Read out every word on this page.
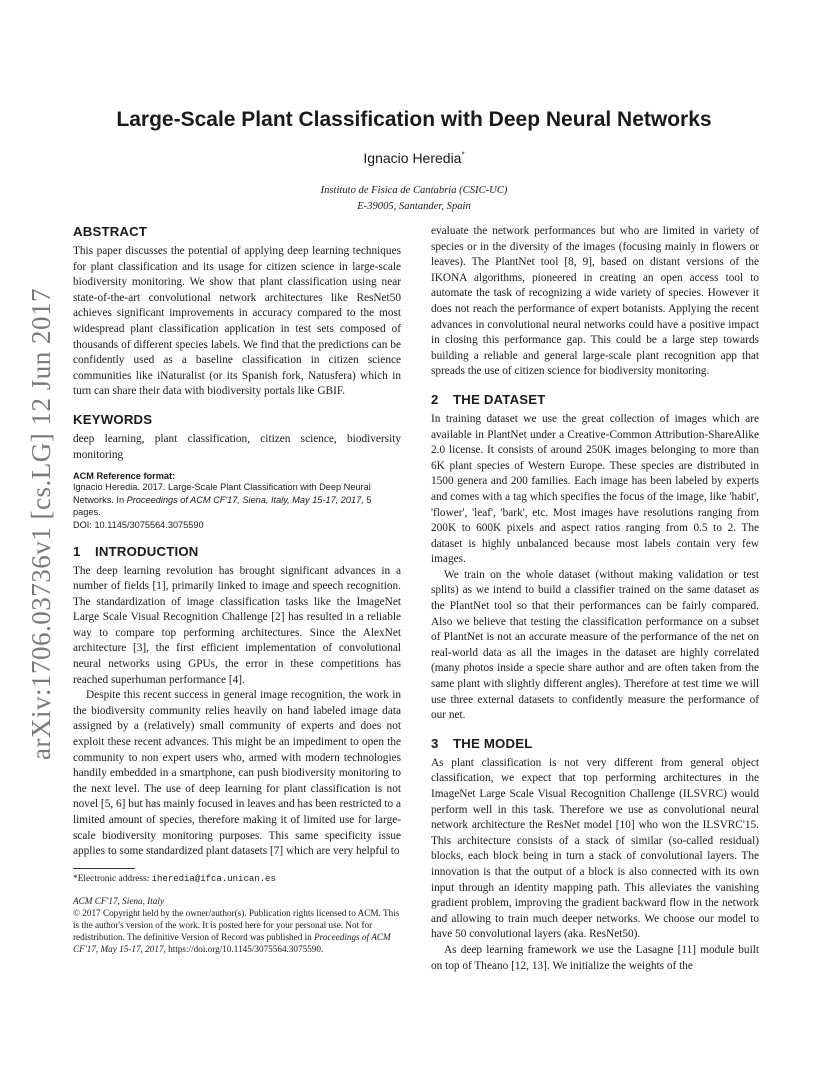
Large-Scale Plant Classification with Deep Neural Networks
Ignacio Heredia*
Instituto de Fisica de Cantabria (CSIC-UC)
E-39005, Santander, Spain
arXiv:1706.03736v1 [cs.LG] 12 Jun 2017
ABSTRACT

This paper discusses the potential of applying deep learning techniques for plant classification and its usage for citizen science in large-scale biodiversity monitoring. We show that plant classification using near state-of-the-art convolutional network architectures like ResNet50 achieves significant improvements in accuracy compared to the most widespread plant classification application in test sets composed of thousands of different species labels. We find that the predictions can be confidently used as a baseline classification in citizen science communities like iNaturalist (or its Spanish fork, Natusfera) which in turn can share their data with biodiversity portals like GBIF.

KEYWORDS

deep learning, plant classification, citizen science, biodiversity monitoring

ACM Reference format:
Ignacio Heredia. 2017. Large-Scale Plant Classification with Deep Neural Networks. In Proceedings of ACM CF'17, Siena, Italy, May 15-17, 2017, 5 pages.
DOI: 10.1145/3075564.3075590
1 INTRODUCTION

The deep learning revolution has brought significant advances in a number of fields [1], primarily linked to image and speech recognition. The standardization of image classification tasks like the ImageNet Large Scale Visual Recognition Challenge [2] has resulted in a reliable way to compare top performing architectures. Since the AlexNet architecture [3], the first efficient implementation of convolutional neural networks using GPUs, the error in these competitions has reached superhuman performance [4].

Despite this recent success in general image recognition, the work in the biodiversity community relies heavily on hand labeled image data assigned by a (relatively) small community of experts and does not exploit these recent advances. This might be an impediment to open the community to non expert users who, armed with modern technologies handily embedded in a smartphone, can push biodiversity monitoring to the next level. The use of deep learning for plant classification is not novel [5, 6] but has mainly focused in leaves and has been restricted to a limited amount of species, therefore making it of limited use for large-scale biodiversity monitoring purposes. This same specificity issue applies to some standardized plant datasets [7] which are very helpful to

*Electronic address: iheredia@ifca.unican.es
ACM CF'17, Siena, Italy
© 2017 Copyright held by the owner/author(s). Publication rights licensed to ACM. This is the author's version of the work. It is posted here for your personal use. Not for redistribution. The definitive Version of Record was published in Proceedings of ACM CF'17, May 15-17, 2017, https://doi.org/10.1145/3075564.3075590.

evaluate the network performances but who are limited in variety of species or in the diversity of the images (focusing mainly in flowers or leaves). The PlantNet tool [8, 9], based on distant versions of the IKONA algorithms, pioneered in creating an open access tool to automate the task of recognizing a wide variety of species. However it does not reach the performance of expert botanists. Applying the recent advances in convolutional neural networks could have a positive impact in closing this performance gap. This could be a large step towards building a reliable and general large-scale plant recognition app that spreads the use of citizen science for biodiversity monitoring.

2 THE DATASET

In training dataset we use the great collection of images which are available in PlantNet under a Creative-Common Attribution-ShareAlike 2.0 license. It consists of around 250K images belonging to more than 6K plant species of Western Europe. These species are distributed in 1500 genera and 200 families. Each image has been labeled by experts and comes with a tag which specifies the focus of the image, like 'habit', 'flower', 'leaf', 'bark', etc. Most images have resolutions ranging from 200K to 600K pixels and aspect ratios ranging from 0.5 to 2. The dataset is highly unbalanced because most labels contain very few images.

We train on the whole dataset (without making validation or test splits) as we intend to build a classifier trained on the same dataset as the PlantNet tool so that their performances can be fairly compared. Also we believe that testing the classification performance on a subset of PlantNet is not an accurate measure of the performance of the net on real-world data as all the images in the dataset are highly correlated (many photos inside a specie share author and are often taken from the same plant with slightly different angles). Therefore at test time we will use three external datasets to confidently measure the performance of our net.

3 THE MODEL

As plant classification is not very different from general object classification, we expect that top performing architectures in the ImageNet Large Scale Visual Recognition Challenge (ILSVRC) would perform well in this task. Therefore we use as convolutional neural network architecture the ResNet model [10] who won the ILSVRC'15. This architecture consists of a stack of similar (so-called residual) blocks, each block being in turn a stack of convolutional layers. The innovation is that the output of a block is also connected with its own input through an identity mapping path. This alleviates the vanishing gradient problem, improving the gradient backward flow in the network and allowing to train much deeper networks. We choose our model to have 50 convolutional layers (aka. ResNet50).

As deep learning framework we use the Lasagne [11] module built on top of Theano [12, 13]. We initialize the weights of the
